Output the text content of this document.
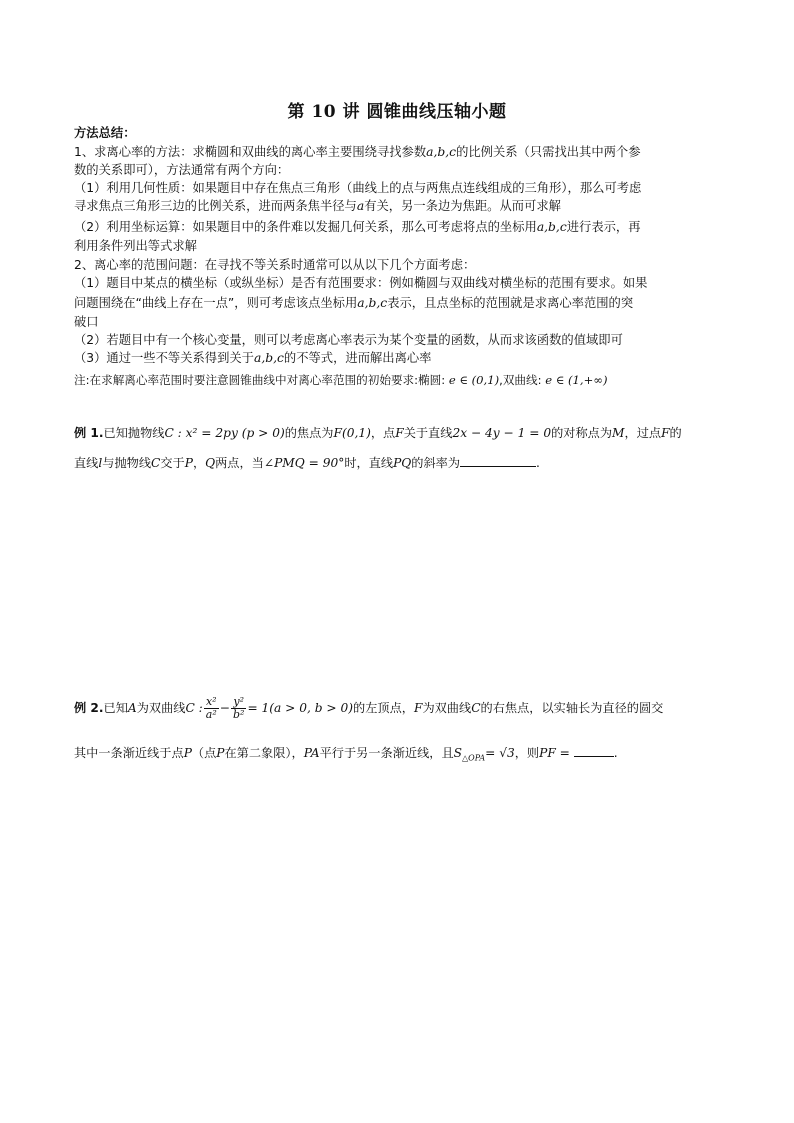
第 10 讲 圆锥曲线压轴小题
方法总结：
1、求离心率的方法：求椭圆和双曲线的离心率主要围绕寻找参数a,b,c的比例关系（只需找出其中两个参
数的关系即可），方法通常有两个方向：
（1）利用几何性质：如果题目中存在焦点三角形（曲线上的点与两焦点连线组成的三角形），那么可考虑
寻求焦点三角形三边的比例关系，进而两条焦半径与a有关，另一条边为焦距。从而可求解
（2）利用坐标运算：如果题目中的条件难以发掘几何关系，那么可考虑将点的坐标用a,b,c进行表示，再
利用条件列出等式求解
2、离心率的范围问题：在寻找不等关系时通常可以从以下几个方面考虑：
（1）题目中某点的横坐标（或纵坐标）是否有范围要求：例如椭圆与双曲线对横坐标的范围有要求。如果
问题围绕在“曲线上存在一点”，则可考虑该点坐标用a,b,c表示，且点坐标的范围就是求离心率范围的突
破口
（2）若题目中有一个核心变量，则可以考虑离心率表示为某个变量的函数，从而求该函数的值域即可
（3）通过一些不等关系得到关于a,b,c的不等式，进而解出离心率
注:在求解离心率范围时要注意圆锥曲线中对离心率范围的初始要求:椭圆: e ∈ (0,1),双曲线: e ∈ (1,+∞)
例 1.已知抛物线C : x² = 2py (p > 0)的焦点为F(0,1)，点F关于直线2x − 4y − 1 = 0的对称点为M，过点F的
直线l与抛物线C交于P，Q两点，当∠PMQ = 90°时，直线PQ的斜率为	.
例 2.已知A为双曲线C : $\frac{\text{x²}}{\text{a²}} - \frac{\text{y²}}{\text{b²}} = 1(a > 0$, b > 0)的左顶点，F为双曲线C的右焦点，以实轴长为直径的圆交
其中一条渐近线于点P（点P在第二象限），PA平行于另一条渐近线，且$S_{\triangle OPA}= √3$，则PF =	.
